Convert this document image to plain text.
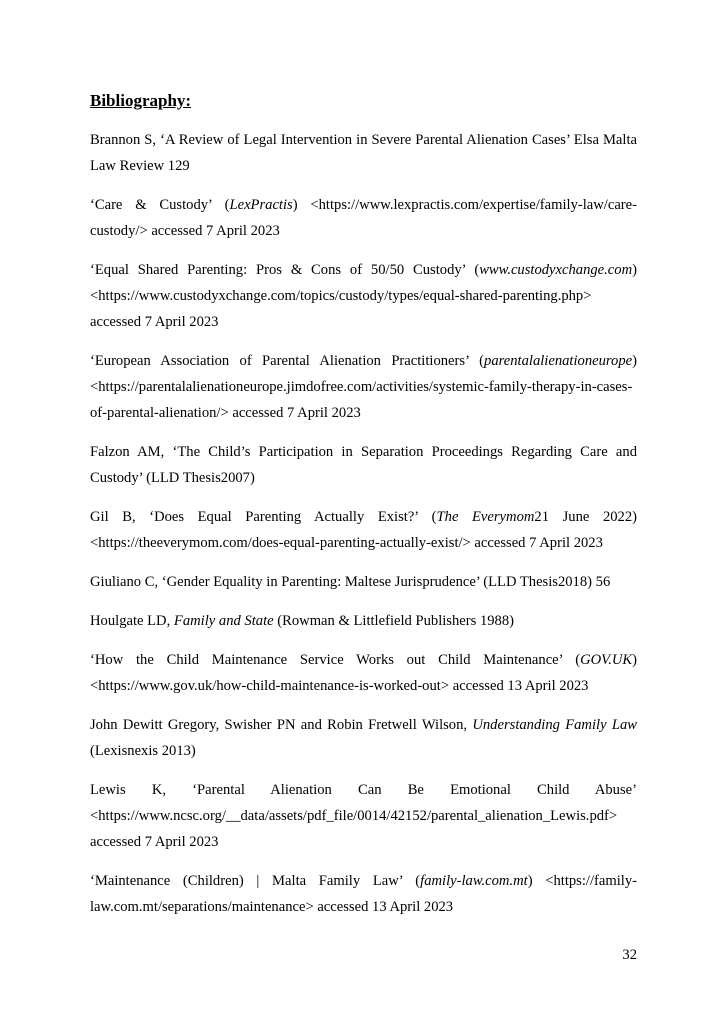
Bibliography:

Brannon S, ‘A Review of Legal Intervention in Severe Parental Alienation Cases’ Elsa Malta Law Review 129

‘Care & Custody’ (LexPractis) <https://www.lexpractis.com/expertise/family-law/care-custody/> accessed 7 April 2023

‘Equal Shared Parenting: Pros & Cons of 50/50 Custody’ (www.custodyxchange.com) <https://www.custodyxchange.com/topics/custody/types/equal-shared-parenting.php> accessed 7 April 2023

‘European Association of Parental Alienation Practitioners’ (parentalalienationeurope) <https://parentalalienationeurope.jimdofree.com/activities/systemic-family-therapy-in-cases-of-parental-alienation/> accessed 7 April 2023

Falzon AM, ‘The Child’s Participation in Separation Proceedings Regarding Care and Custody’ (LLD Thesis2007)

Gil B, ‘Does Equal Parenting Actually Exist?’ (The Everymom21 June 2022) <https://theeverymom.com/does-equal-parenting-actually-exist/> accessed 7 April 2023

Giuliano C, ‘Gender Equality in Parenting: Maltese Jurisprudence’ (LLD Thesis2018) 56

Houlgate LD, Family and State (Rowman & Littlefield Publishers 1988)

‘How the Child Maintenance Service Works out Child Maintenance’ (GOV.UK) <https://www.gov.uk/how-child-maintenance-is-worked-out> accessed 13 April 2023

John Dewitt Gregory, Swisher PN and Robin Fretwell Wilson, Understanding Family Law (Lexisnexis 2013)

Lewis K, ‘Parental Alienation Can Be Emotional Child Abuse’ <https://www.ncsc.org/__data/assets/pdf_file/0014/42152/parental_alienation_Lewis.pdf> accessed 7 April 2023

‘Maintenance (Children) | Malta Family Law’ (family-law.com.mt) <https://family-law.com.mt/separations/maintenance> accessed 13 April 2023

32
